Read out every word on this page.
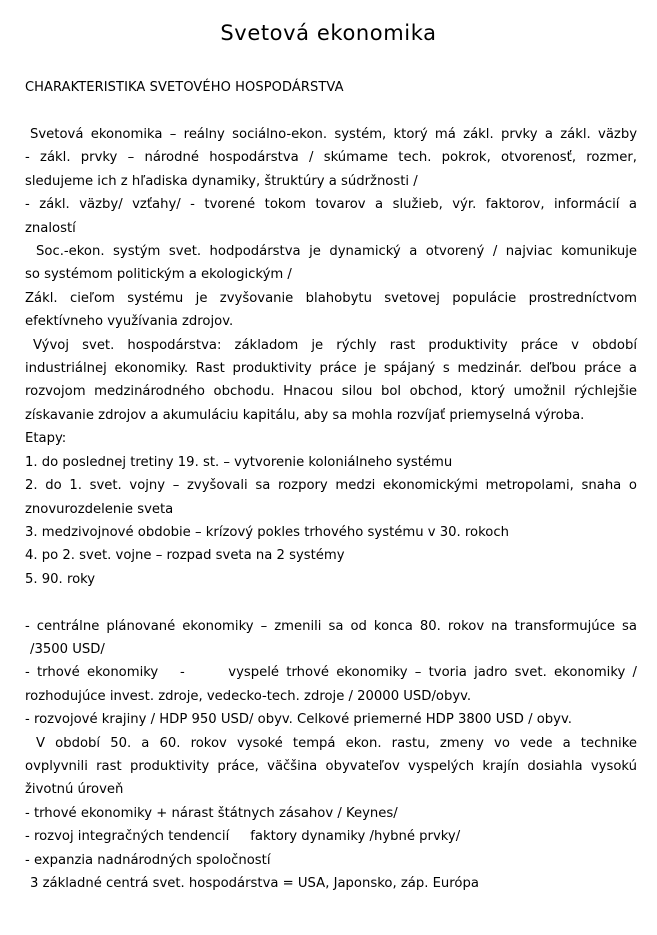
Svetová ekonomika
CHARAKTERISTIKA SVETOVÉHO HOSPODÁRSTVA

Svetová ekonomika – reálny sociálno-ekon. systém, ktorý má zákl. prvky a zákl. väzby

- zákl. prvky – národné hospodárstva / skúmame tech. pokrok, otvorenosť, rozmer,

sledujeme ich z hľadiska dynamiky, štruktúry a súdržnosti /

- zákl. väzby/ vzťahy/ - tvorené tokom tovarov a služieb, výr. faktorov, informácií a

znalostí

Soc.-ekon. systým svet. hodpodárstva je dynamický a otvorený / najviac komunikuje

so systémom politickým a ekologickým /

Zákl. cieľom systému je zvyšovanie blahobytu svetovej populácie prostredníctvom

efektívneho využívania zdrojov.

Vývoj svet. hospodárstva: základom je rýchly rast produktivity práce v období

industriálnej ekonomiky. Rast produktivity práce je spájaný s medzinár. deľbou práce a

rozvojom medzinárodného obchodu. Hnacou silou bol obchod, ktorý umožnil rýchlejšie

získavanie zdrojov a akumuláciu kapitálu, aby sa mohla rozvíjať priemyselná výroba.

Etapy:

1. do poslednej tretiny 19. st. – vytvorenie koloniálneho systému

2. do 1. svet. vojny – zvyšovali sa rozpory medzi ekonomickými metropolami, snaha o

znovurozdelenie sveta

3. medzivojnové obdobie – krízový pokles trhového systému v 30. rokoch

4. po 2. svet. vojne – rozpad sveta na 2 systémy

5. 90. roky

- centrálne plánované ekonomiky – zmenili sa od konca 80. rokov na transformujúce sa

/3500 USD/

- trhové ekonomiky   -      vyspelé trhové ekonomiky – tvoria jadro svet. ekonomiky /

rozhodujúce invest. zdroje, vedecko-tech. zdroje / 20000 USD/obyv.

- rozvojové krajiny / HDP 950 USD/ obyv. Celkové priemerné HDP 3800 USD / obyv.

V období 50. a 60. rokov vysoké tempá ekon. rastu, zmeny vo vede a technike

ovplyvnili rast produktivity práce, väčšina obyvateľov vyspelých krajín dosiahla vysokú

životnú úroveň

- trhové ekonomiky + nárast štátnych zásahov / Keynes/

- rozvoj integračných tendencií     faktory dynamiky /hybné prvky/

- expanzia nadnárodných spoločností

3 základné centrá svet. hospodárstva = USA, Japonsko, záp. Európa
